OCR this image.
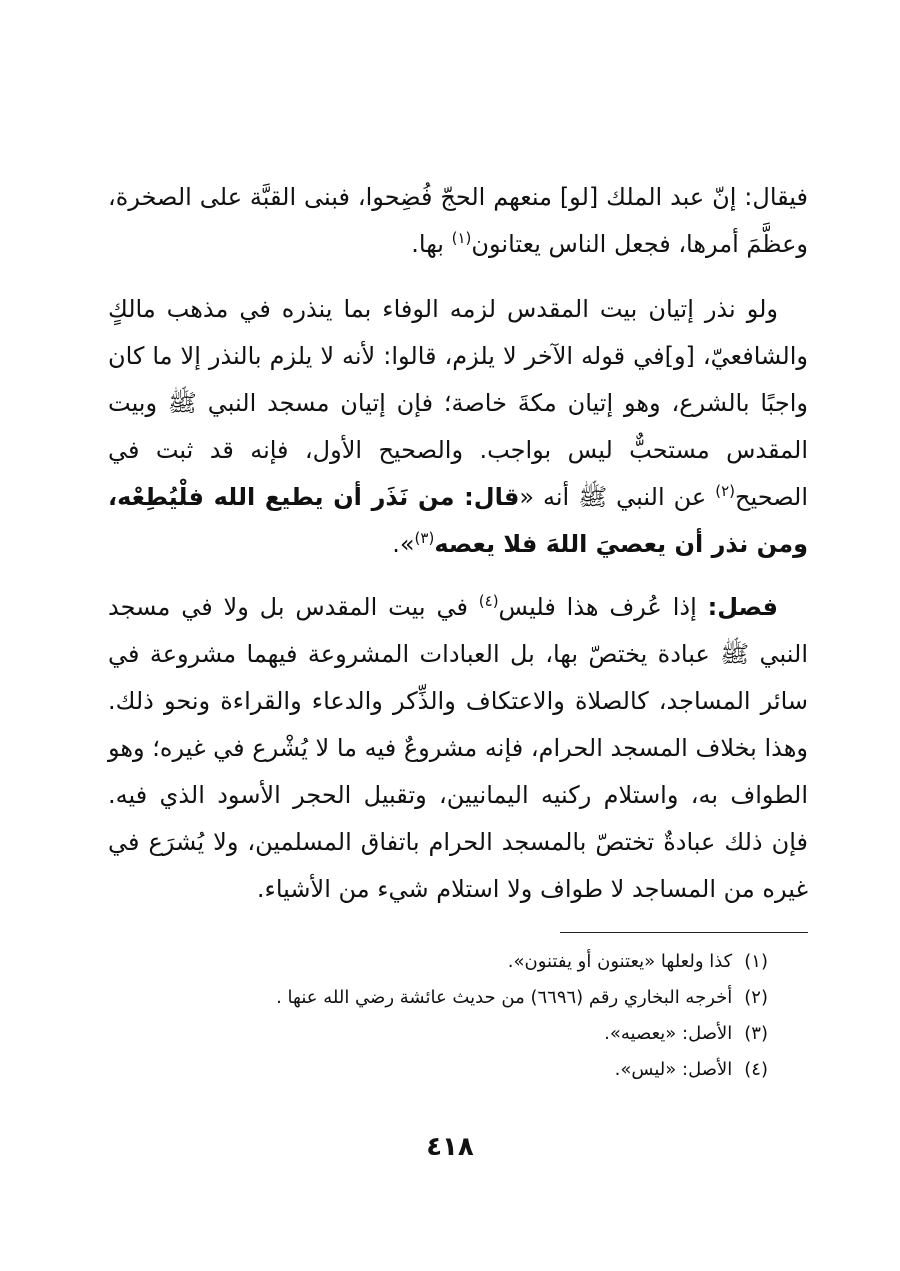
فيقال: إنّ عبد الملك [لو] منعهم الحجّ فُضِحوا، فبنى القبَّة على الصخرة، وعظَّمَ أمرها، فجعل الناس يعتانون$^{(١)}$ بها.

ولو نذر إتيان بيت المقدس لزمه الوفاء بما ينذره في مذهب مالكٍ والشافعيّ، [و]في قوله الآخر لا يلزم، قالوا: لأنه لا يلزم بالنذر إلا ما كان واجبًا بالشرع، وهو إتيان مكةَ خاصة؛ فإن إتيان مسجد النبي ﷺ وبيت المقدس مستحبٌّ ليس بواجب. والصحيح الأول، فإنه قد ثبت في الصحيح$^{(٢)}$ عن النبي ﷺ أنه «قال: من نَذَر أن يطيع الله فلْيُطِعْه، ومن نذر أن يعصيَ اللهَ فلا يعصه$^{(٣)}$».

فصل: إذا عُرف هذا فليس$^{(٤)}$ في بيت المقدس بل ولا في مسجد النبي ﷺ عبادة يختصّ بها، بل العبادات المشروعة فيهما مشروعة في سائر المساجد، كالصلاة والاعتكاف والذِّكر والدعاء والقراءة ونحو ذلك. وهذا بخلاف المسجد الحرام، فإنه مشروعٌ فيه ما لا يُشْرع في غيره؛ وهو الطواف به، واستلام ركنيه اليمانيين، وتقبيل الحجر الأسود الذي فيه. فإن ذلك عبادةٌ تختصّ بالمسجد الحرام باتفاق المسلمين، ولا يُشرَع في غيره من المساجد لا طواف ولا استلام شيء من الأشياء.

(١)كذا ولعلها «يعتنون أو يفتنون».
(٢)أخرجه البخاري رقم (٦٦٩٦) من حديث عائشة رضي الله عنها .
(٣)الأصل: «يعصيه».
(٤)الأصل: «ليس».
٤١٨
